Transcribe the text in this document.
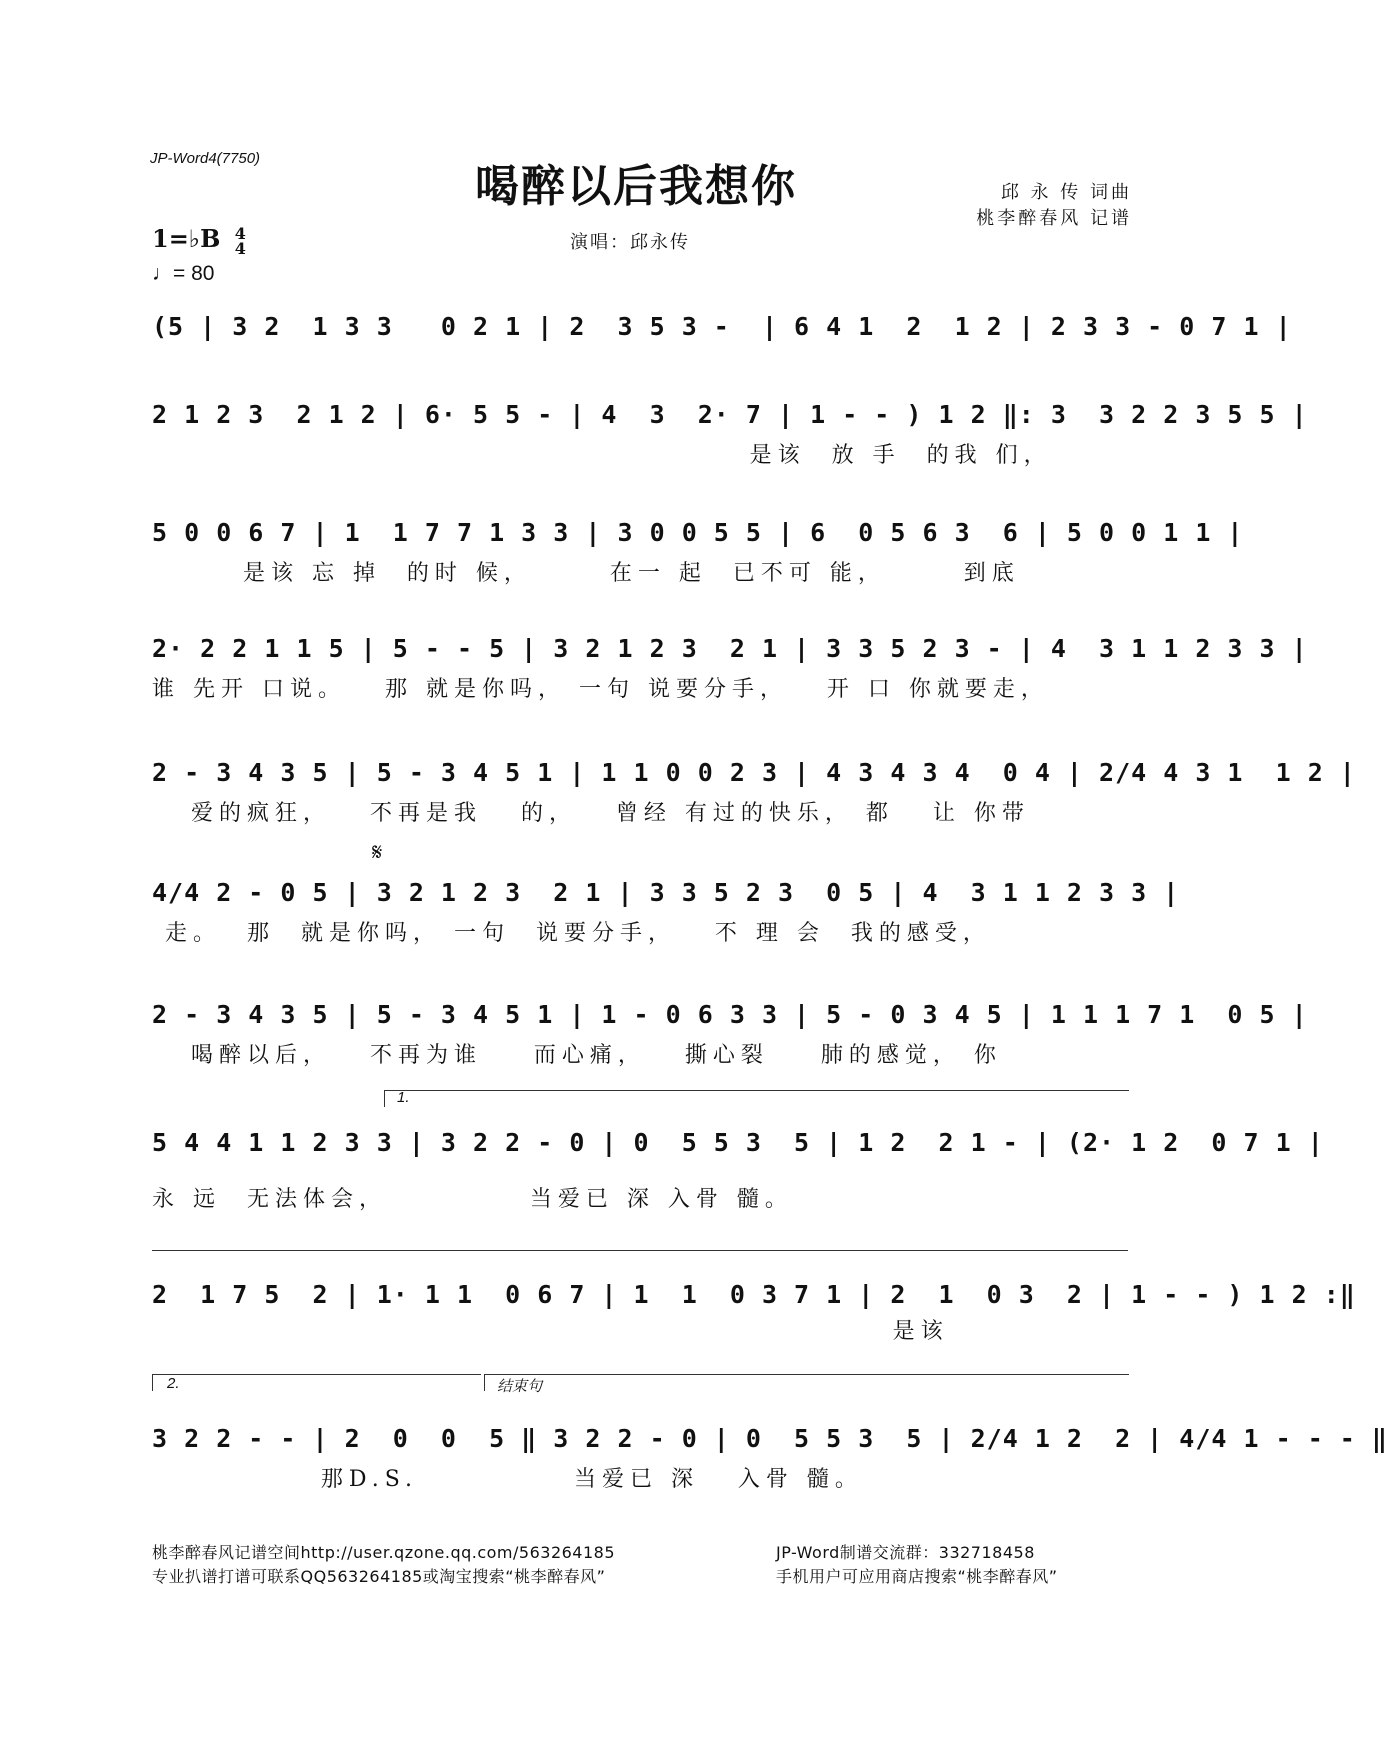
JP-Word4(7750)
喝醉以后我想你	邱 永 传 词曲
桃李醉春风 记谱
演唱：邱永传
1=♭B 4
4
♩= 80
𝄋
1.
2.	结束句
(5 | 3 2  1 3 3   0 2 1 | 2  3 5 3 -  | 6 4 1  2  1 2 | 2 3 3 - 0 7 1 |
2 1 2 3  2 1 2 | 6· 5 5 - | 4  3  2· 7 | 1 - - ) 1 2 ‖: 3  3 2 2 3 5 5 |
是该  放 手  的我 们，
5 0 0 6 7 | 1  1 7 7 1 3 3 | 3 0 0 5 5 | 6  0 5 6 3  6 | 5 0 0 1 1 |
是该 忘 掉  的时 候，      在一 起  已不可 能，      到底
2· 2 2 1 1 5 | 5 - - 5 | 3 2 1 2 3  2 1 | 3 3 5 2 3 - | 4  3 1 1 2 3 3 |
谁 先开 口说。   那 就是你吗， 一句 说要分手，   开 口 你就要走，
2 - 3 4 3 5 | 5 - 3 4 5 1 | 1 1 0 0 2 3 | 4 3 4 3 4  0 4 | 2/4 4 3 1  1 2 |
爱的疯狂，   不再是我   的，   曾经 有过的快乐， 都   让 你带
4/4 2 - 0 5 | 3 2 1 2 3  2 1 | 3 3 5 2 3  0 5 | 4  3 1 1 2 3 3 |
走。  那  就是你吗， 一句  说要分手，   不 理 会  我的感受，
2 - 3 4 3 5 | 5 - 3 4 5 1 | 1 - 0 6 3 3 | 5 - 0 3 4 5 | 1 1 1 7 1  0 5 |
喝醉以后，   不再为谁    而心痛，   撕心裂    肺的感觉， 你
5 4 4 1 1 2 3 3 | 3 2 2 - 0 | 0  5 5 3  5 | 1 2  2 1 - | (2· 1 2  0 7 1 |
永 远  无法体会，           当爱已 深 入骨 髓。
2  1 7 5  2 | 1· 1 1  0 6 7 | 1  1  0 3 7 1 | 2  1  0 3  2 | 1 - - ) 1 2 :‖
是该
3 2 2 - - | 2  0  0  5 ‖ 3 2 2 - 0 | 0  5 5 3  5 | 2/4 1 2  2 | 4/4 1 - - - ‖
那D.S.            当爱已 深   入骨 髓。
桃李醉春风记谱空间http://user.qzone.qq.com/563264185
专业扒谱打谱可联系QQ563264185或淘宝搜索“桃李醉春风”
JP-Word制谱交流群：332718458
手机用户可应用商店搜索“桃李醉春风”
